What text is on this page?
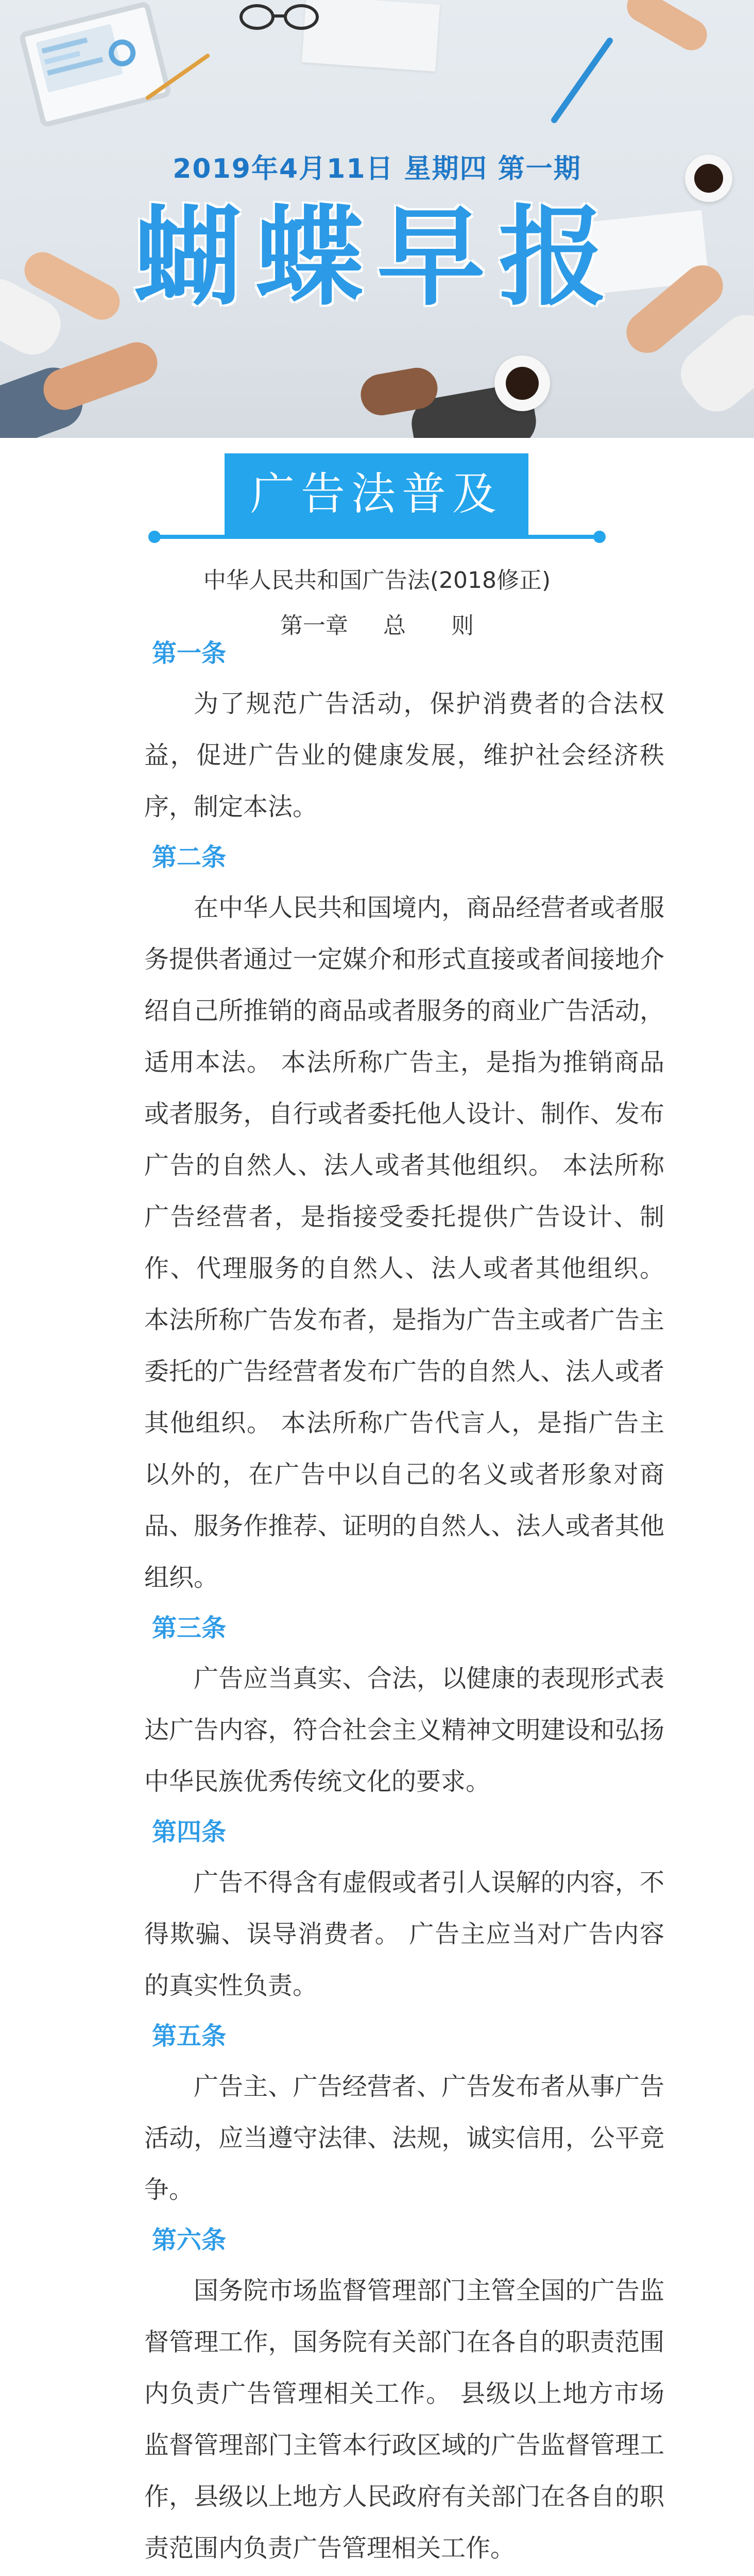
2019年4月11日 星期四 第一期
蝴蝶早报
广告法普及
中华人民共和国广告法(2018修正)
第一章 总　　则
第一条
为了规范广告活动，保护消费者的合法权益，促进广告业的健康发展，维护社会经济秩序，制定本法。
第二条
在中华人民共和国境内，商品经营者或者服务提供者通过一定媒介和形式直接或者间接地介绍自己所推销的商品或者服务的商业广告活动，适用本法。 本法所称广告主，是指为推销商品或者服务，自行或者委托他人设计、制作、发布广告的自然人、法人或者其他组织。 本法所称广告经营者，是指接受委托提供广告设计、制作、代理服务的自然人、法人或者其他组织。 本法所称广告发布者，是指为广告主或者广告主委托的广告经营者发布广告的自然人、法人或者其他组织。 本法所称广告代言人，是指广告主以外的，在广告中以自己的名义或者形象对商品、服务作推荐、证明的自然人、法人或者其他组织。
第三条
广告应当真实、合法，以健康的表现形式表达广告内容，符合社会主义精神文明建设和弘扬中华民族优秀传统文化的要求。
第四条
广告不得含有虚假或者引人误解的内容，不得欺骗、误导消费者。 广告主应当对广告内容的真实性负责。
第五条
广告主、广告经营者、广告发布者从事广告活动，应当遵守法律、法规，诚实信用，公平竞争。
第六条
国务院市场监督管理部门主管全国的广告监督管理工作，国务院有关部门在各自的职责范围内负责广告管理相关工作。 县级以上地方市场监督管理部门主管本行政区域的广告监督管理工作，县级以上地方人民政府有关部门在各自的职责范围内负责广告管理相关工作。
